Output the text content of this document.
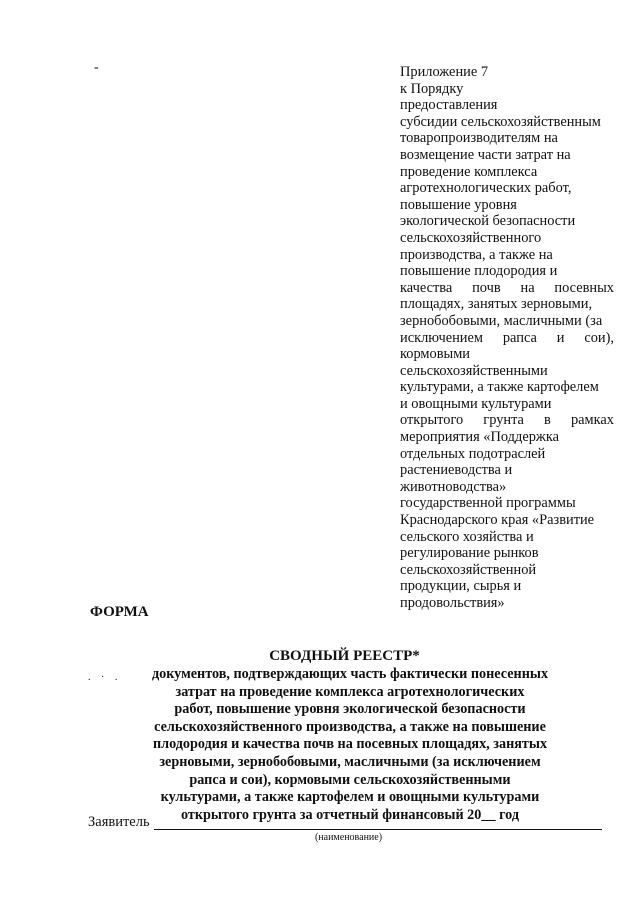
-	Приложение 7
к Порядку
предоставления
субсидии сельскохозяйственным
товаропроизводителям на
возмещение части затрат на
проведение комплекса
агротехнологических работ,
повышение уровня
экологической безопасности
сельскохозяйственного
производства, а также на
повышение плодородия и
качества почв на посевных
площадях, занятых зерновыми,
зернобобовыми, масличными (за
исключением рапса и сои),
кормовыми
сельскохозяйственными
культурами, а также картофелем
и овощными культурами
открытого грунта в рамках
мероприятия «Поддержка
отдельных подотраслей
растениеводства и
животноводства»
государственной программы
Краснодарского края «Развитие
сельского хозяйства и
регулирование рынков
сельскохозяйственной
продукции, сырья и
продовольствия»
ФОРМА
СВОДНЫЙ РЕЕСТР*
. · .	документов, подтверждающих часть фактически понесенных
затрат на проведение комплекса агротехнологических
работ, повышение уровня экологической безопасности
сельскохозяйственного производства, а также на повышение
плодородия и качества почв на посевных площадях, занятых
зерновыми, зернобобовыми, масличными (за исключением
рапса и сои), кормовыми сельскохозяйственными
культурами, а также картофелем и овощными культурами
открытого грунта за отчетный финансовый 20__ год
Заявитель
(наименование)
